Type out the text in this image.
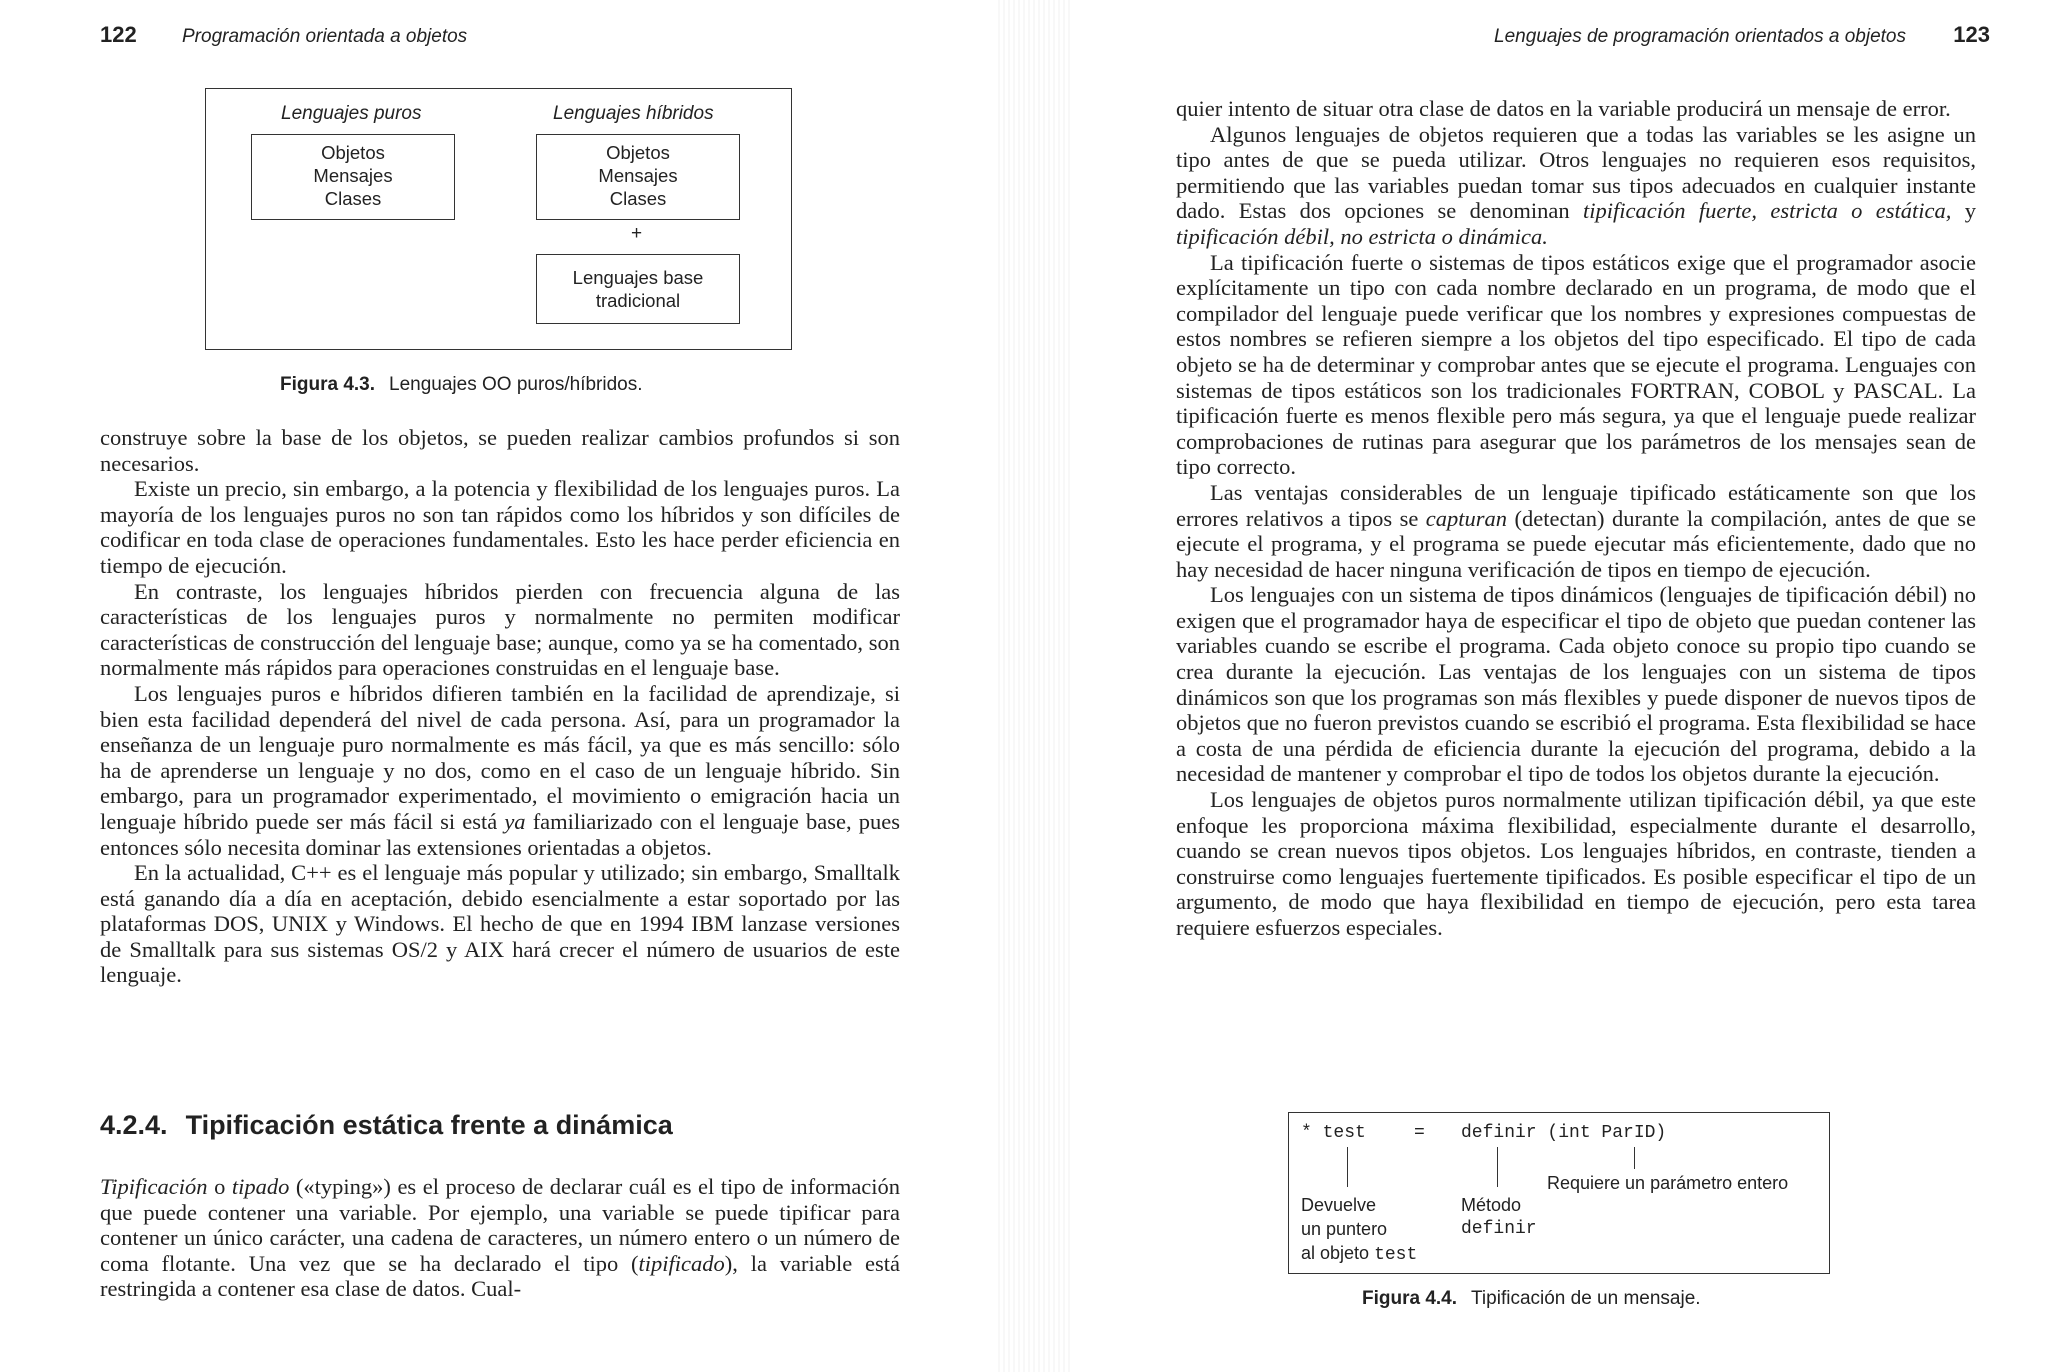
122 Programación orientada a objetos
Lenguajes puros	Lenguajes híbridos
Objetos
Mensajes
Clases
Objetos
Mensajes
Clases
+
Lenguajes base
tradicional
Figura 4.3. Lenguajes OO puros/híbridos.

construye sobre la base de los objetos, se pueden realizar cambios profundos si son necesarios.

Existe un precio, sin embargo, a la potencia y flexibilidad de los lenguajes puros. La mayoría de los lenguajes puros no son tan rápidos como los híbridos y son difíciles de codificar en toda clase de operaciones fundamentales. Esto les hace perder eficiencia en tiempo de ejecución.

En contraste, los lenguajes híbridos pierden con frecuencia alguna de las características de los lenguajes puros y normalmente no permiten modificar características de construcción del lenguaje base; aunque, como ya se ha comentado, son normalmente más rápidos para operaciones construidas en el lenguaje base.

Los lenguajes puros e híbridos difieren también en la facilidad de aprendizaje, si bien esta facilidad dependerá del nivel de cada persona. Así, para un programador la enseñanza de un lenguaje puro normalmente es más fácil, ya que es más sencillo: sólo ha de aprenderse un lenguaje y no dos, como en el caso de un lenguaje híbrido. Sin embargo, para un programador experimentado, el movimiento o emigración hacia un lenguaje híbrido puede ser más fácil si está ya familiarizado con el lenguaje base, pues entonces sólo necesita dominar las extensiones orientadas a objetos.

En la actualidad, C++ es el lenguaje más popular y utilizado; sin embargo, Smalltalk está ganando día a día en aceptación, debido esencialmente a estar soportado por las plataformas DOS, UNIX y Windows. El hecho de que en 1994 IBM lanzase versiones de Smalltalk para sus sistemas OS/2 y AIX hará crecer el número de usuarios de este lenguaje.

4.2.4. Tipificación estática frente a dinámica

Tipificación o tipado («typing») es el proceso de declarar cuál es el tipo de información que puede contener una variable. Por ejemplo, una variable se puede tipificar para contener un único carácter, una cadena de caracteres, un número entero o un número de coma flotante. Una vez que se ha declarado el tipo (tipificado), la variable está restringida a contener esa clase de datos. Cual-

Lenguajes de programación orientados a objetos 123

quier intento de situar otra clase de datos en la variable producirá un mensaje de error.

Algunos lenguajes de objetos requieren que a todas las variables se les asigne un tipo antes de que se pueda utilizar. Otros lenguajes no requieren esos requisitos, permitiendo que las variables puedan tomar sus tipos adecuados en cualquier instante dado. Estas dos opciones se denominan tipificación fuerte, estricta o estática, y tipificación débil, no estricta o dinámica.

La tipificación fuerte o sistemas de tipos estáticos exige que el programador asocie explícitamente un tipo con cada nombre declarado en un programa, de modo que el compilador del lenguaje puede verificar que los nombres y expresiones compuestas de estos nombres se refieren siempre a los objetos del tipo especificado. El tipo de cada objeto se ha de determinar y comprobar antes que se ejecute el programa. Lenguajes con sistemas de tipos estáticos son los tradicionales FORTRAN, COBOL y PASCAL. La tipificación fuerte es menos flexible pero más segura, ya que el lenguaje puede realizar comprobaciones de rutinas para asegurar que los parámetros de los mensajes sean de tipo correcto.

Las ventajas considerables de un lenguaje tipificado estáticamente son que los errores relativos a tipos se capturan (detectan) durante la compilación, antes de que se ejecute el programa, y el programa se puede ejecutar más eficientemente, dado que no hay necesidad de hacer ninguna verificación de tipos en tiempo de ejecución.

Los lenguajes con un sistema de tipos dinámicos (lenguajes de tipificación débil) no exigen que el programador haya de especificar el tipo de objeto que puedan contener las variables cuando se escribe el programa. Cada objeto conoce su propio tipo cuando se crea durante la ejecución. Las ventajas de los lenguajes con un sistema de tipos dinámicos son que los programas son más flexibles y puede disponer de nuevos tipos de objetos que no fueron previstos cuando se escribió el programa. Esta flexibilidad se hace a costa de una pérdida de eficiencia durante la ejecución del programa, debido a la necesidad de mantener y comprobar el tipo de todos los objetos durante la ejecución.

Los lenguajes de objetos puros normalmente utilizan tipificación débil, ya que este enfoque les proporciona máxima flexibilidad, especialmente durante el desarrollo, cuando se crean nuevos tipos objetos. Los lenguajes híbridos, en contraste, tienden a construirse como lenguajes fuertemente tipificados. Es posible especificar el tipo de un argumento, de modo que haya flexibilidad en tiempo de ejecución, pero esta tarea requiere esfuerzos especiales.

* test	= definir (int ParID)
Devuelve
un puntero
al objeto test
Método
definir
Requiere un parámetro entero
Figura 4.4. Tipificación de un mensaje.
